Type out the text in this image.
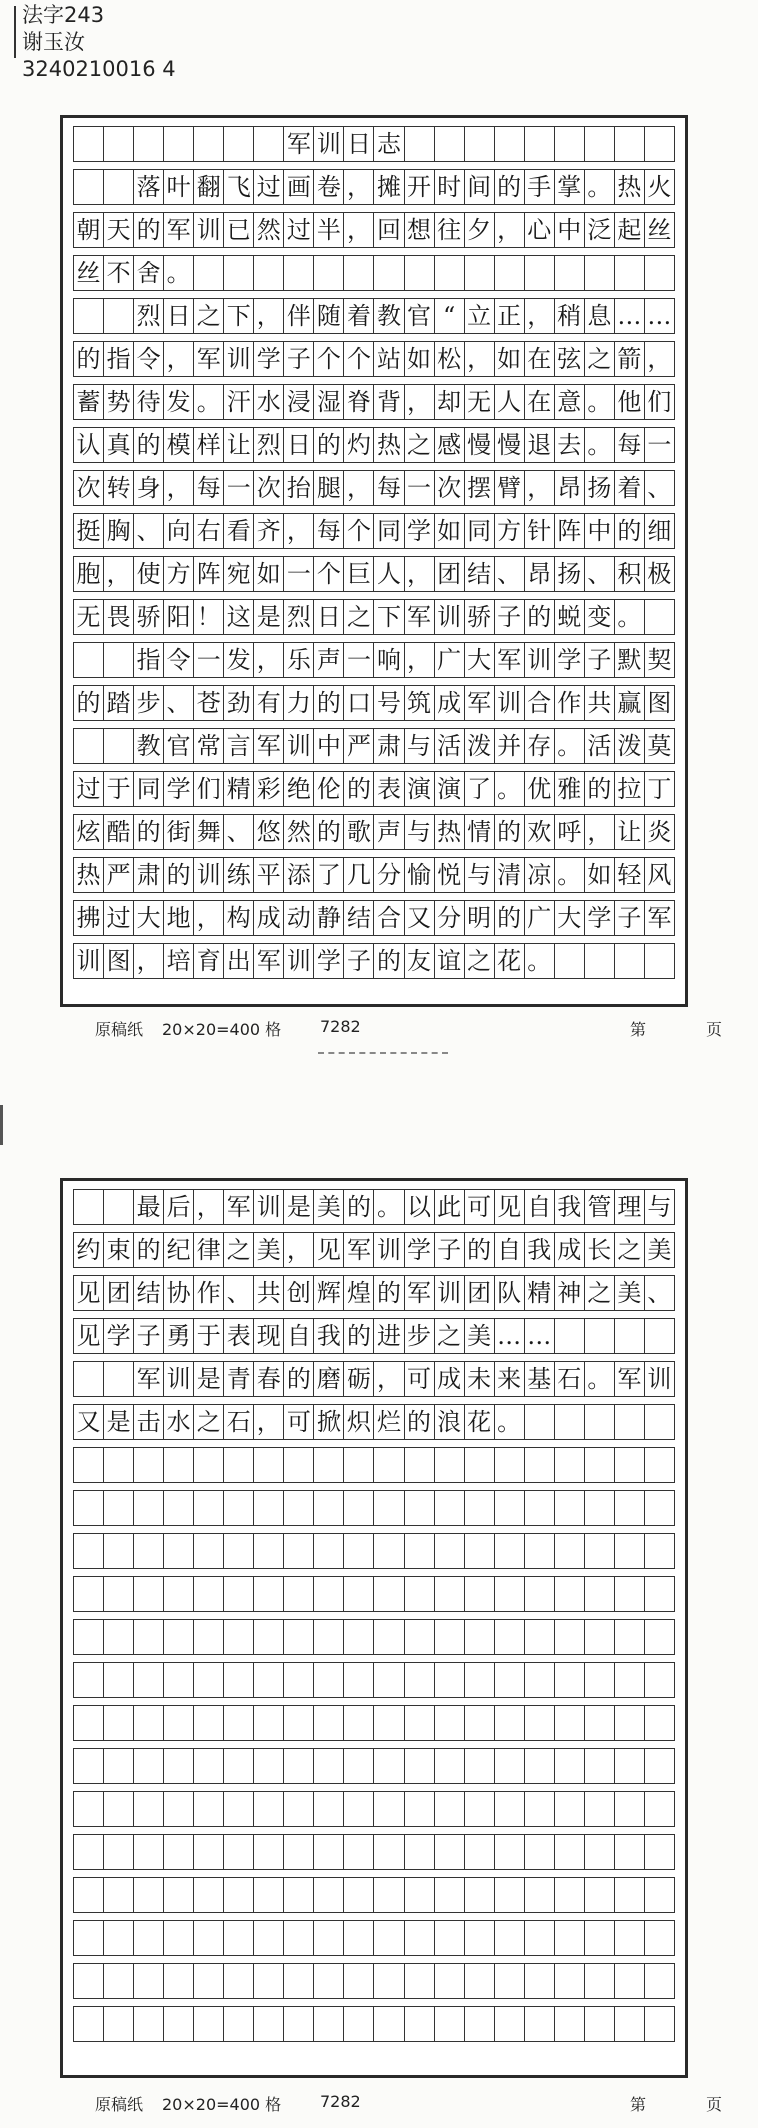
法字243
谢玉汝
3240210016 4
军 训 日 志
落 叶 翻 飞 过 画 卷 ， 摊 开 时 间 的 手 掌 。 热 火
朝 天 的 军 训 已 然 过 半 ， 回 想 往 夕 ， 心 中 泛 起 丝
丝 不 舍 。
烈 日 之 下 ， 伴 随 着 教 官 “ 立 正 ， 稍 息 … …
的 指 令 ， 军 训 学 子 个 个 站 如 松 ， 如 在 弦 之 箭 ，
蓄 势 待 发 。 汗 水 浸 湿 脊 背 ， 却 无 人 在 意 。 他 们
认 真 的 模 样 让 烈 日 的 灼 热 之 感 慢 慢 退 去 。 每 一
次 转 身 ， 每 一 次 抬 腿 ， 每 一 次 摆 臂 ， 昂 扬 着 、
挺 胸 、 向 右 看 齐 ， 每 个 同 学 如 同 方 针 阵 中 的 细
胞 ， 使 方 阵 宛 如 一 个 巨 人 ， 团 结 、 昂 扬 、 积 极
无 畏 骄 阳 ！ 这 是 烈 日 之 下 军 训 骄 子 的 蜕 变 。
指 令 一 发 ， 乐 声 一 响 ， 广 大 军 训 学 子 默 契
的 踏 步 、 苍 劲 有 力 的 口 号 筑 成 军 训 合 作 共 赢 图
教 官 常 言 军 训 中 严 肃 与 活 泼 并 存 。 活 泼 莫
过 于 同 学 们 精 彩 绝 伦 的 表 演 演 了 。 优 雅 的 拉 丁
炫 酷 的 街 舞 、 悠 然 的 歌 声 与 热 情 的 欢 呼 ， 让 炎
热 严 肃 的 训 练 平 添 了 几 分 愉 悦 与 清 凉 。 如 轻 风
拂 过 大 地 ， 构 成 动 静 结 合 又 分 明 的 广 大 学 子 军
训 图 ， 培 育 出 军 训 学 子 的 友 谊 之 花 。
原稿纸 20×20=400 格 7282	第	页
最 后 ， 军 训 是 美 的 。 以 此 可 见 自 我 管 理 与
约 束 的 纪 律 之 美 ， 见 军 训 学 子 的 自 我 成 长 之 美
见 团 结 协 作 、 共 创 辉 煌 的 军 训 团 队 精 神 之 美 、
见 学 子 勇 于 表 现 自 我 的 进 步 之 美 … …
军 训 是 青 春 的 磨 砺 ， 可 成 未 来 基 石 。 军 训
又 是 击 水 之 石 ， 可 掀 炽 烂 的 浪 花 。
原稿纸 20×20=400 格 7282	第	页
